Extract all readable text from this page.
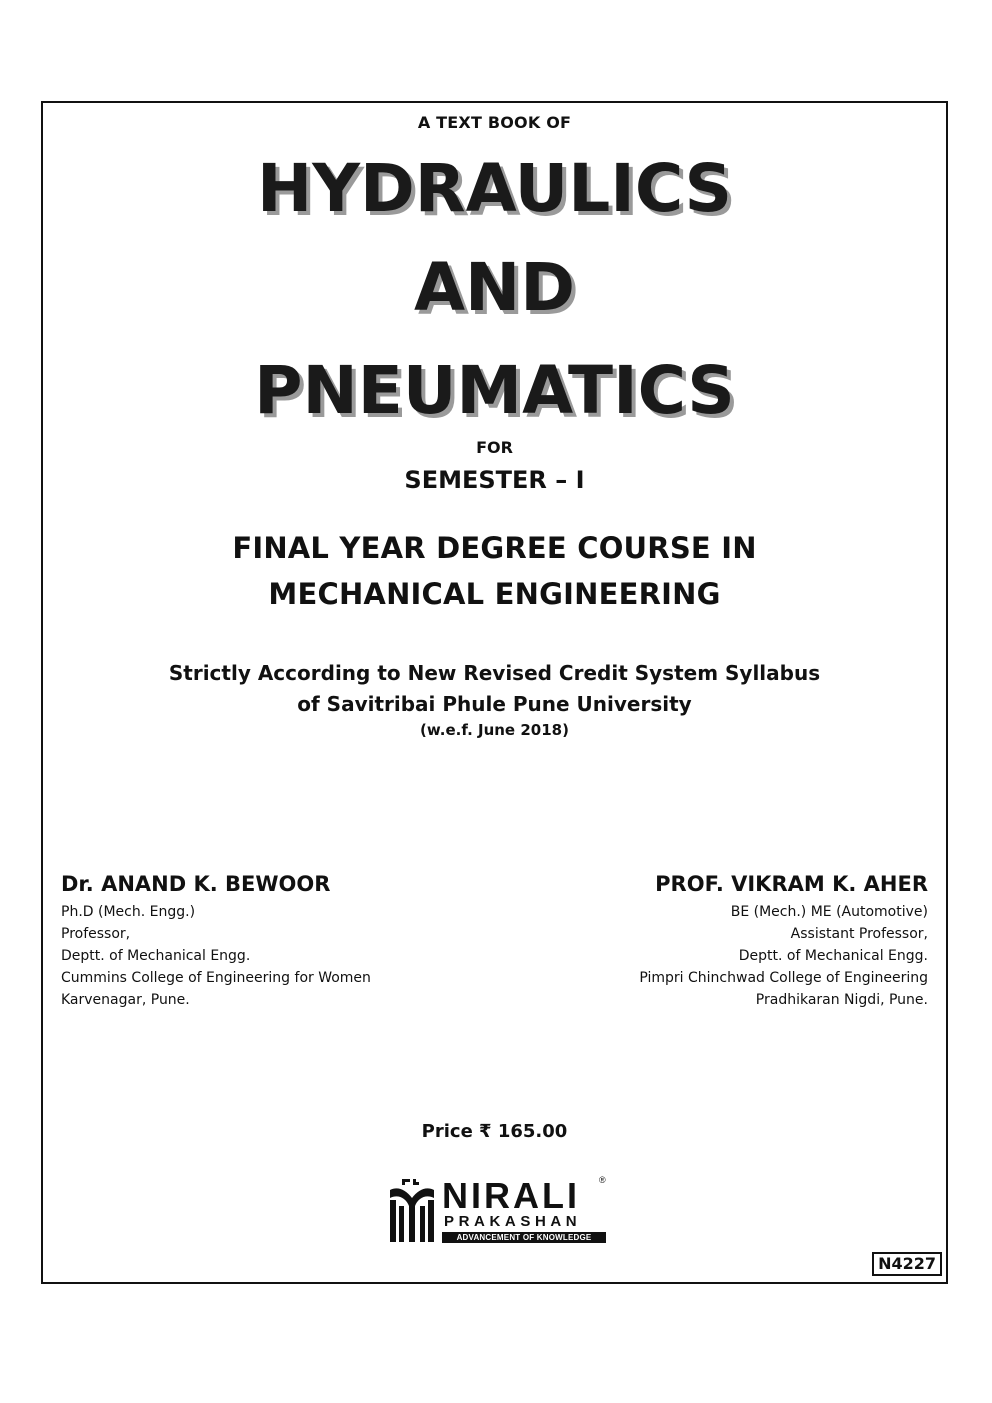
A TEXT BOOK OF
HYDRAULICS
AND
PNEUMATICS
FOR
SEMESTER – I
FINAL YEAR DEGREE COURSE IN
MECHANICAL ENGINEERING
Strictly According to New Revised Credit System Syllabus
of Savitribai Phule Pune University
(w.e.f. June 2018)
Dr. ANAND K. BEWOOR
Ph.D (Mech. Engg.)
Professor,
Deptt. of Mechanical Engg.
Cummins College of Engineering for Women
Karvenagar, Pune.
PROF. VIKRAM K. AHER
BE (Mech.) ME (Automotive)
Assistant Professor,
Deptt. of Mechanical Engg.
Pimpri Chinchwad College of Engineering
Pradhikaran Nigdi, Pune.
Price ₹ 165.00
NIRALI ®
PRAKASHAN
ADVANCEMENT OF KNOWLEDGE
N4227
